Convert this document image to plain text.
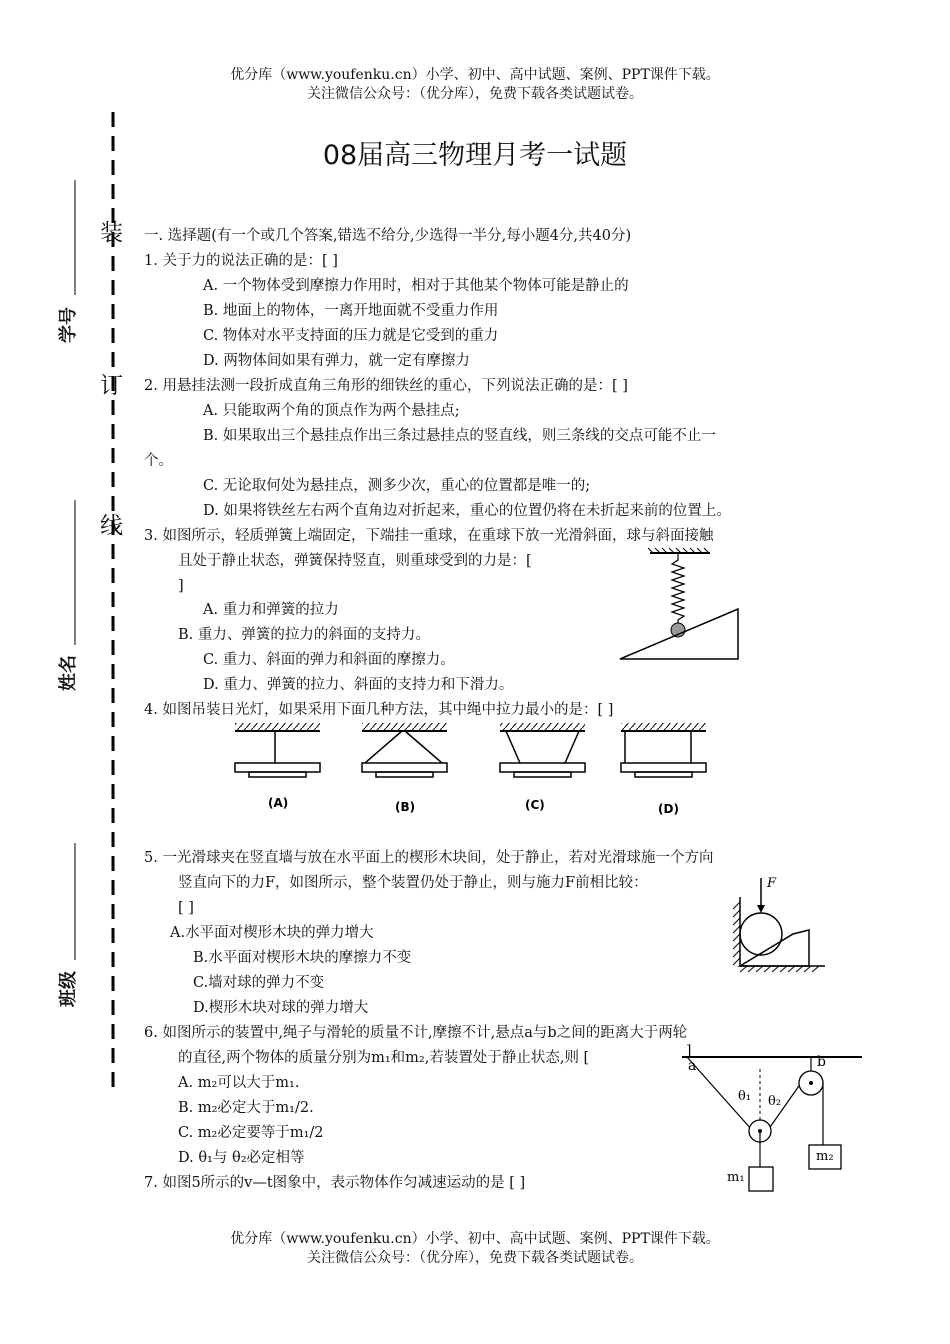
优分库（www.youfenku.cn）小学、初中、高中试题、案例、PPT课件下载。
关注微信公众号：（优分库），免费下载各类试题试卷。
装
订
线
学号
姓名
班级
08届高三物理月考一试题
一. 选择题(有一个或几个答案,错选不给分,少选得一半分,每小题4分,共40分)
1. 关于力的说法正确的是：[ ]
A. 一个物体受到摩擦力作用时，相对于其他某个物体可能是静止的
B. 地面上的物体，一离开地面就不受重力作用
C. 物体对水平支持面的压力就是它受到的重力
D. 两物体间如果有弹力，就一定有摩擦力
2. 用悬挂法测一段折成直角三角形的细铁丝的重心，下列说法正确的是：[ ]
A. 只能取两个角的顶点作为两个悬挂点;
B. 如果取出三个悬挂点作出三条过悬挂点的竖直线，则三条线的交点可能不止一
个。
C. 无论取何处为悬挂点，测多少次，重心的位置都是唯一的;
D. 如果将铁丝左右两个直角边对折起来，重心的位置仍将在未折起来前的位置上。
3. 如图所示，轻质弹簧上端固定，下端挂一重球，在重球下放一光滑斜面，球与斜面接触
且处于静止状态，弹簧保持竖直，则重球受到的力是：[
]
A. 重力和弹簧的拉力
B. 重力、弹簧的拉力的斜面的支持力。
C. 重力、斜面的弹力和斜面的摩擦力。
D. 重力、弹簧的拉力、斜面的支持力和下滑力。
4. 如图吊装日光灯，如果采用下面几种方法，其中绳中拉力最小的是：[ ]
(A)	(B)	(C)	(D)
5. 一光滑球夹在竖直墙与放在水平面上的楔形木块间，处于静止，若对光滑球施一个方向
竖直向下的力F，如图所示，整个装置仍处于静止，则与施力F前相比较：
[ ]
A.水平面对楔形木块的弹力增大
B.水平面对楔形木块的摩擦力不变
C.墙对球的弹力不变
D.楔形木块对球的弹力增大
F
6. 如图所示的装置中,绳子与滑轮的质量不计,摩擦不计,悬点a与b之间的距离大于两轮
的直径,两个物体的质量分别为m₁和m₂,若装置处于静止状态,则 [
A. m₂可以大于m₁.
B. m₂必定大于m₁/2.
C. m₂必定要等于m₁/2
D. θ₁与 θ₂必定相等
]
a	b
θ₁ θ₂
m₁
m₂
7. 如图5所示的v—t图象中，表示物体作匀减速运动的是 [ ]
优分库（www.youfenku.cn）小学、初中、高中试题、案例、PPT课件下载。
关注微信公众号：（优分库），免费下载各类试题试卷。
